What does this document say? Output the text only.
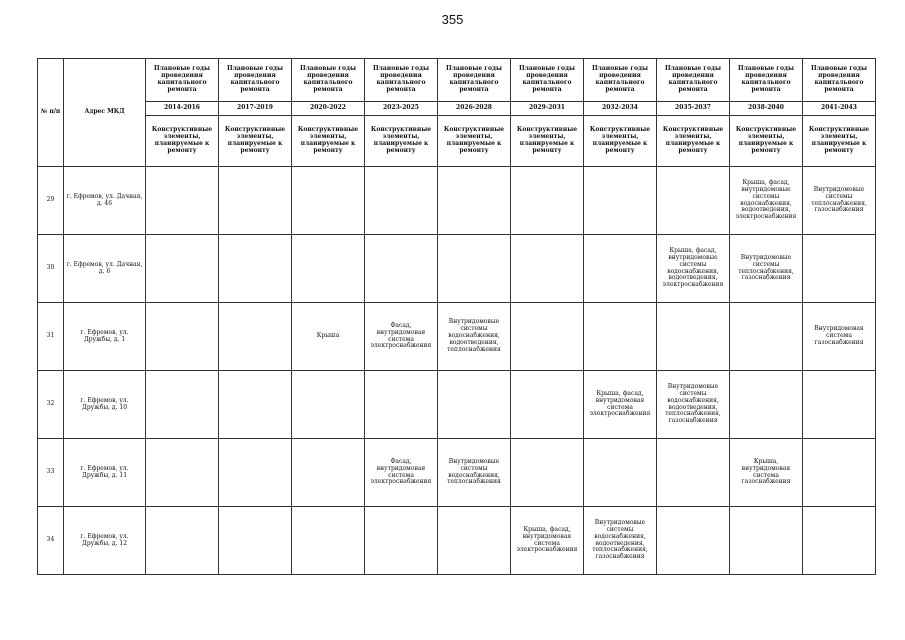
355
№ п/п	Адрес МКД	Плановые годы проведения капитального ремонта	Плановые годы проведения капитального ремонта	Плановые годы проведения капитального ремонта	Плановые годы проведения капитального ремонта	Плановые годы проведения капитального ремонта	Плановые годы проведения капитального ремонта	Плановые годы проведения капитального ремонта	Плановые годы проведения капитального ремонта	Плановые годы проведения капитального ремонта	Плановые годы проведения капитального ремонта
		2014-2016	2017-2019	2020-2022	2023-2025	2026-2028	2029-2031	2032-2034	2035-2037	2038-2040	2041-2043
		Конструктивные элементы, планируемые к ремонту	Конструктивные элементы, планируемые к ремонту	Конструктивные элементы, планируемые к ремонту	Конструктивные элементы, планируемые к ремонту	Конструктивные элементы, планируемые к ремонту	Конструктивные элементы, планируемые к ремонту	Конструктивные элементы, планируемые к ремонту	Конструктивные элементы, планируемые к ремонту	Конструктивные элементы, планируемые к ремонту	Конструктивные элементы, планируемые к ремонту
29	г. Ефремов, ул. Дачная, д. 46									Крыша, фасад, внутридомовые системы водоснабжения, водоотведения, электроснабжения	Внутридомовые системы теплоснабжения, газоснабжения
30	г. Ефремов, ул. Дачная, д. 6								Крыша, фасад, внутридомовые системы водоснабжения, водоотведения, электроснабжения	Внутридомовые системы теплоснабжения, газоснабжения	
31	г. Ефремов, ул. Дружбы, д. 1			Крыша	Фасад, внутридомовая система электроснабжения	Внутридомовые системы водоснабжения, водоотведения, теплоснабжения					Внутридомовая система газоснабжения
32	г. Ефремов, ул. Дружбы, д. 10							Крыша, фасад, внутридомовая система электроснабжения	Внутридомовые системы водоснабжения, водоотведения, теплоснабжения, газоснабжения		
33	г. Ефремов, ул. Дружбы, д. 11				Фасад, внутридомовая система электроснабжения	Внутридомовые системы водоснабжения, теплоснабжения				Крыша, внутридомовая система газоснабжения	
34	г. Ефремов, ул. Дружбы, д. 12						Крыша, фасад, внутридомовая система электроснабжения	Внутридомовые системы водоснабжения, водоотведения, теплоснабжения, газоснабжения			
